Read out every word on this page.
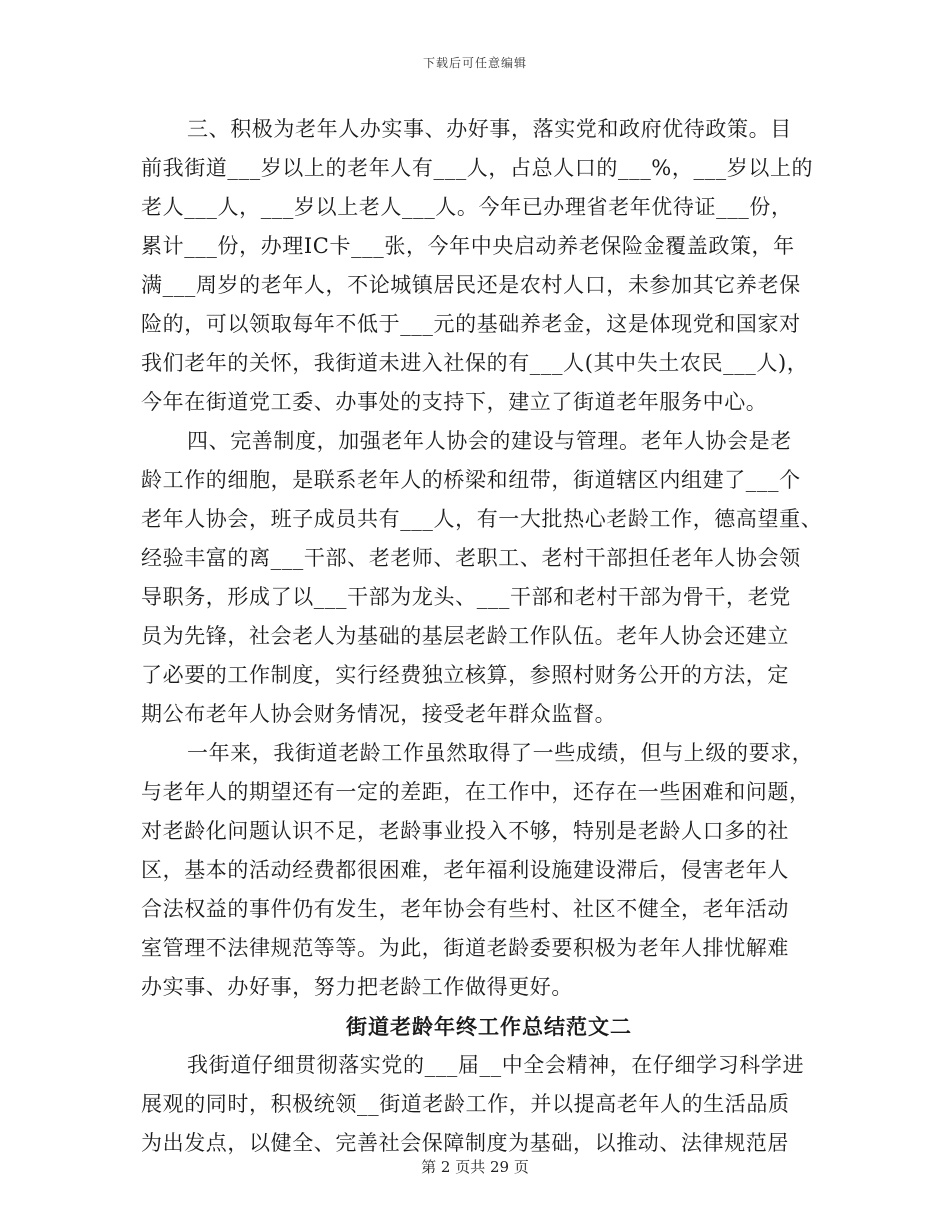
下载后可任意编辑
三、积极为老年人办实事、办好事，落实党和政府优待政策。目
前我街道___岁以上的老年人有___人，占总人口的___%，___岁以上的
老人___人，___岁以上老人___人。今年已办理省老年优待证___份，
累计___份，办理IC卡___张，今年中央启动养老保险金覆盖政策，年
满___周岁的老年人，不论城镇居民还是农村人口，未参加其它养老保
险的，可以领取每年不低于___元的基础养老金，这是体现党和国家对
我们老年的关怀，我街道未进入社保的有___人(其中失土农民___人)，
今年在街道党工委、办事处的支持下，建立了街道老年服务中心。
四、完善制度，加强老年人协会的建设与管理。老年人协会是老
龄工作的细胞，是联系老年人的桥梁和纽带，街道辖区内组建了___个
老年人协会，班子成员共有___人，有一大批热心老龄工作，德高望重、
经验丰富的离___干部、老老师、老职工、老村干部担任老年人协会领
导职务，形成了以___干部为龙头、___干部和老村干部为骨干，老党
员为先锋，社会老人为基础的基层老龄工作队伍。老年人协会还建立
了必要的工作制度，实行经费独立核算，参照村财务公开的方法，定
期公布老年人协会财务情况，接受老年群众监督。
一年来，我街道老龄工作虽然取得了一些成绩，但与上级的要求，
与老年人的期望还有一定的差距，在工作中，还存在一些困难和问题，
对老龄化问题认识不足，老龄事业投入不够，特别是老龄人口多的社
区，基本的活动经费都很困难，老年福利设施建设滞后，侵害老年人
合法权益的事件仍有发生，老年协会有些村、社区不健全，老年活动
室管理不法律规范等等。为此，街道老龄委要积极为老年人排忧解难
办实事、办好事，努力把老龄工作做得更好。
街道老龄年终工作总结范文二
我街道仔细贯彻落实党的___届__中全会精神，在仔细学习科学进
展观的同时，积极统领__街道老龄工作，并以提高老年人的生活品质
为出发点，以健全、完善社会保障制度为基础，以推动、法律规范居
第 2 页共 29 页
